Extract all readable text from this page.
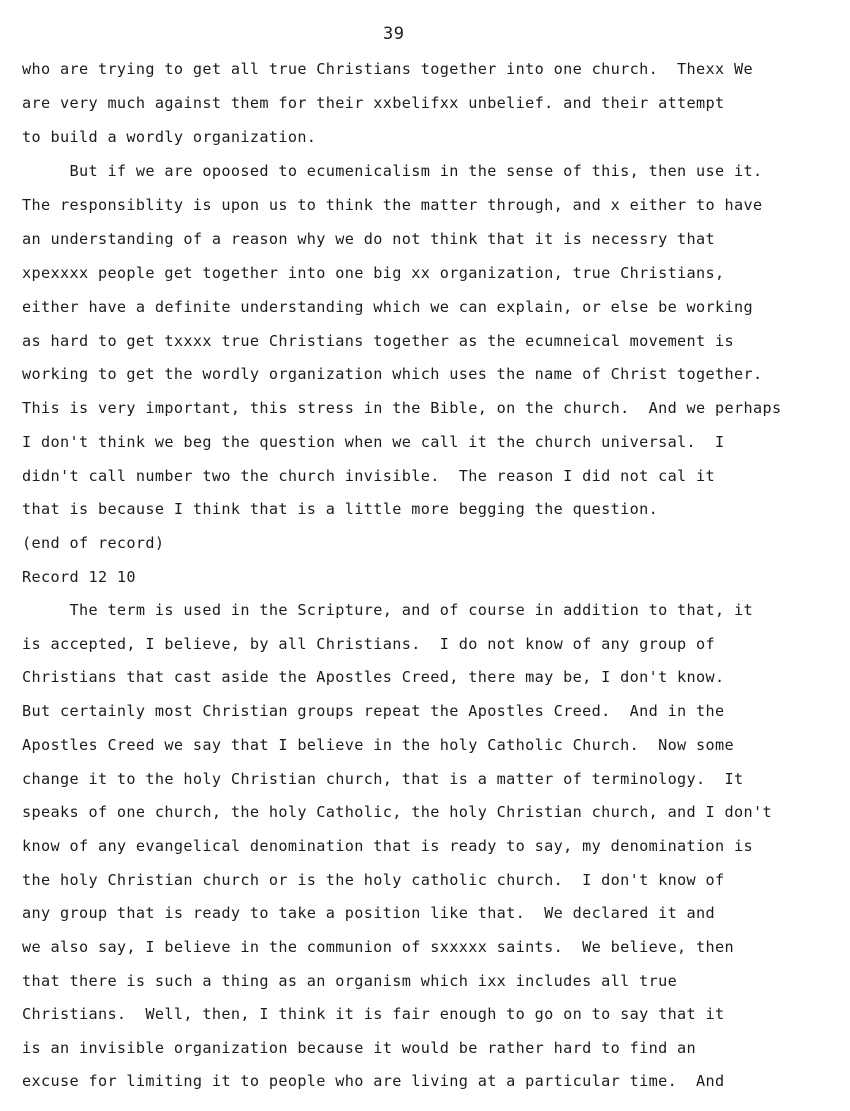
39
who are trying to get all true Christians together into one church.  Thexx We
are very much against them for their xxbelifxx unbelief. and their attempt
to build a wordly organization.
But if we are opoosed to ecumenicalism in the sense of this, then use it.
The responsiblity is upon us to think the matter through, and x either to have
an understanding of a reason why we do not think that it is necessry that
xpexxxx people get together into one big xx organization, true Christians,
either have a definite understanding which we can explain, or else be working
as hard to get txxxx true Christians together as the ecumneical movement is
working to get the wordly organization which uses the name of Christ together.
This is very important, this stress in the Bible, on the church.  And we perhaps
I don't think we beg the question when we call it the church universal.  I
didn't call number two the church invisible.  The reason I did not cal it
that is because I think that is a little more begging the question.
(end of record)
Record 12 10
The term is used in the Scripture, and of course in addition to that, it
is accepted, I believe, by all Christians.  I do not know of any group of
Christians that cast aside the Apostles Creed, there may be, I don't know.
But certainly most Christian groups repeat the Apostles Creed.  And in the
Apostles Creed we say that I believe in the holy Catholic Church.  Now some
change it to the holy Christian church, that is a matter of terminology.  It
speaks of one church, the holy Catholic, the holy Christian church, and I don't
know of any evangelical denomination that is ready to say, my denomination is
the holy Christian church or is the holy catholic church.  I don't know of
any group that is ready to take a position like that.  We declared it and
we also say, I believe in the communion of sxxxxx saints.  We believe, then
that there is such a thing as an organism which ixx includes all true
Christians.  Well, then, I think it is fair enough to go on to say that it
is an invisible organization because it would be rather hard to find an
excuse for limiting it to people who are living at a particular time.  And
